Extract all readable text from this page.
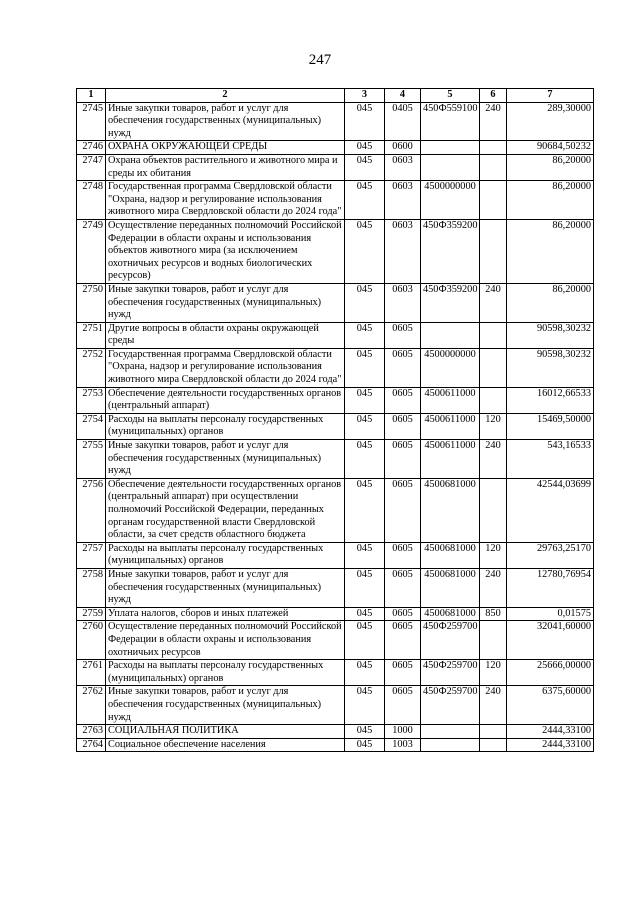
247
1	2	3	4	5	6	7
2745	Иные закупки товаров, работ и услуг для обеспечения государственных (муниципальных) нужд	045	0405	450Ф559100	240	289,30000
2746	ОХРАНА ОКРУЖАЮЩЕЙ СРЕДЫ	045	0600			90684,50232
2747	Охрана объектов растительного и животного мира и среды их обитания	045	0603			86,20000
2748	Государственная программа Свердловской области "Охрана, надзор и регулирование использования животного мира Свердловской области до 2024 года"	045	0603	4500000000		86,20000
2749	Осуществление переданных полномочий Российской Федерации в области охраны и использования объектов животного мира (за исключением охотничьих ресурсов и водных биологических ресурсов)	045	0603	450Ф359200		86,20000
2750	Иные закупки товаров, работ и услуг для обеспечения государственных (муниципальных) нужд	045	0603	450Ф359200	240	86,20000
2751	Другие вопросы в области охраны окружающей среды	045	0605			90598,30232
2752	Государственная программа Свердловской области "Охрана, надзор и регулирование использования животного мира Свердловской области до 2024 года"	045	0605	4500000000		90598,30232
2753	Обеспечение деятельности государственных органов (центральный аппарат)	045	0605	4500611000		16012,66533
2754	Расходы на выплаты персоналу государственных (муниципальных) органов	045	0605	4500611000	120	15469,50000
2755	Иные закупки товаров, работ и услуг для обеспечения государственных (муниципальных) нужд	045	0605	4500611000	240	543,16533
2756	Обеспечение деятельности государственных органов (центральный аппарат) при осуществлении полномочий Российской Федерации, переданных органам государственной власти Свердловской области, за счет средств областного бюджета	045	0605	4500681000		42544,03699
2757	Расходы на выплаты персоналу государственных (муниципальных) органов	045	0605	4500681000	120	29763,25170
2758	Иные закупки товаров, работ и услуг для обеспечения государственных (муниципальных) нужд	045	0605	4500681000	240	12780,76954
2759	Уплата налогов, сборов и иных платежей	045	0605	4500681000	850	0,01575
2760	Осуществление переданных полномочий Российской Федерации в области охраны и использования охотничьих ресурсов	045	0605	450Ф259700		32041,60000
2761	Расходы на выплаты персоналу государственных (муниципальных) органов	045	0605	450Ф259700	120	25666,00000
2762	Иные закупки товаров, работ и услуг для обеспечения государственных (муниципальных) нужд	045	0605	450Ф259700	240	6375,60000
2763	СОЦИАЛЬНАЯ ПОЛИТИКА	045	1000			2444,33100
2764	Социальное обеспечение населения	045	1003			2444,33100
